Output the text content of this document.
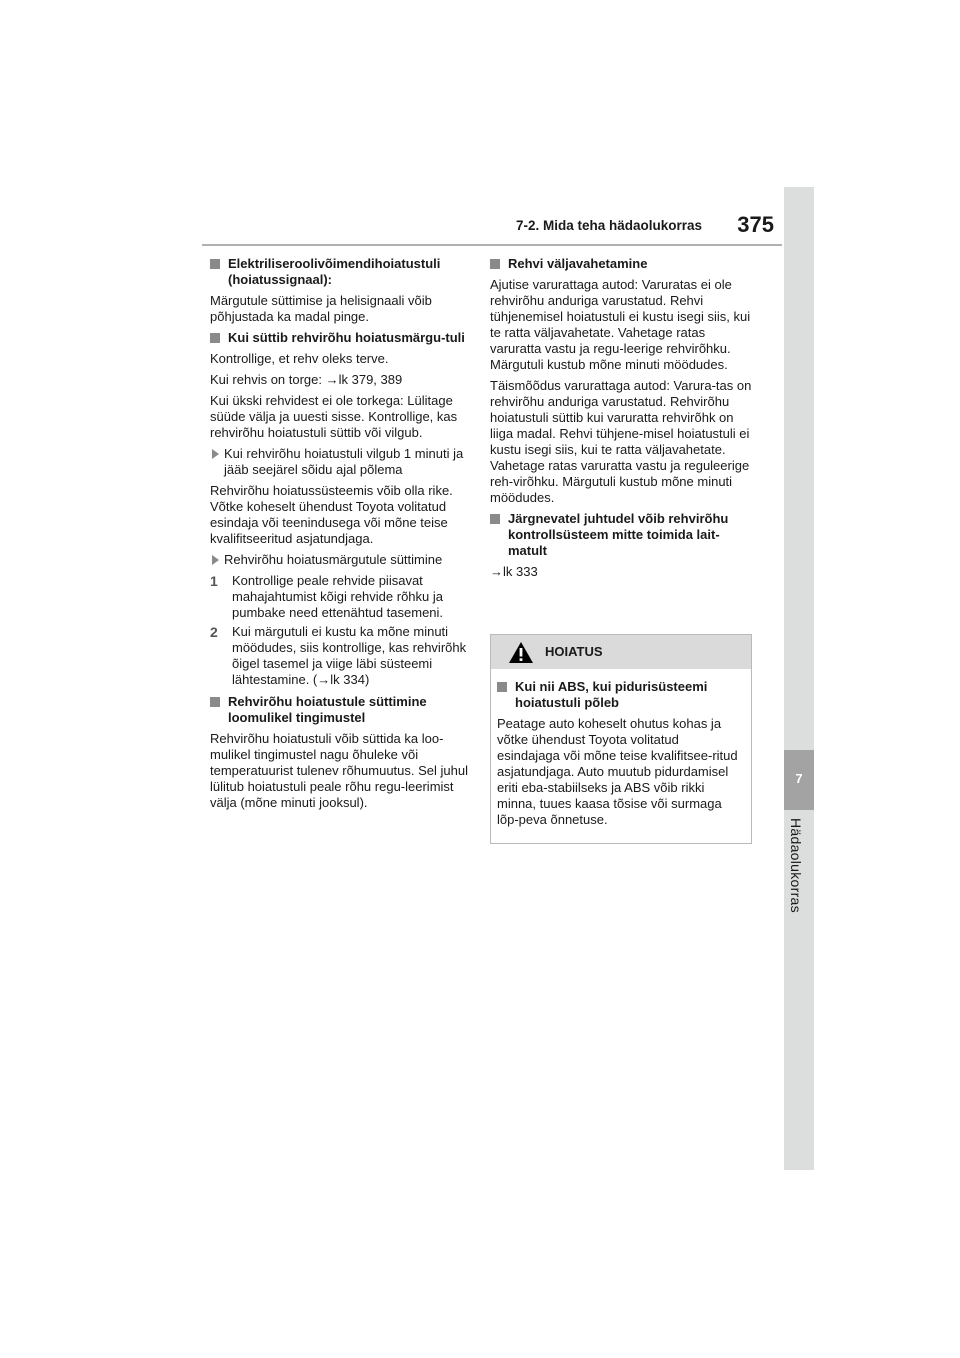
7
Hädaolukorras
7-2. Mida teha hädaolukorras	375
Elektriliseroolivõimendihoiatustuli (hoiatussignaal):
Märgutule süttimise ja helisignaali võib põhjustada ka madal pinge.
Kui süttib rehvirõhu hoiatusmärgu-tuli
Kontrollige, et rehv oleks terve.
Kui rehvis on torge: →lk 379, 389
Kui ükski rehvidest ei ole torkega: Lülitage süüde välja ja uuesti sisse. Kontrollige, kas rehvirõhu hoiatustuli süttib või vilgub.
Kui rehvirõhu hoiatustuli vilgub 1 minuti ja jääb seejärel sõidu ajal põlema
Rehvirõhu hoiatussüsteemis võib olla rike. Võtke koheselt ühendust Toyota volitatud esindaja või teenindusega või mõne teise kvalifitseeritud asjatundjaga.
Rehvirõhu hoiatusmärgutule süttimine
1 Kontrollige peale rehvide piisavat mahajahtumist kõigi rehvide rõhku ja pumbake need ettenähtud tasemeni.
2 Kui märgutuli ei kustu ka mõne minuti möödudes, siis kontrollige, kas rehvirõhk õigel tasemel ja viige läbi süsteemi lähtestamine. (→lk 334)
Rehvirõhu hoiatustule süttimine loomulikel tingimustel
Rehvirõhu hoiatustuli võib süttida ka loo-mulikel tingimustel nagu õhuleke või temperatuurist tulenev rõhumuutus. Sel juhul lülitub hoiatustuli peale rõhu regu-leerimist välja (mõne minuti jooksul).
Rehvi väljavahetamine
Ajutise varurattaga autod: Varuratas ei ole rehvirõhu anduriga varustatud. Rehvi tühjenemisel hoiatustuli ei kustu isegi siis, kui te ratta väljavahetate. Vahetage ratas varuratta vastu ja regu-leerige rehvirõhku. Märgutuli kustub mõne minuti möödudes.
Täismõõdus varurattaga autod: Varura-tas on rehvirõhu anduriga varustatud. Rehvirõhu hoiatustuli süttib kui varuratta rehvirõhk on liiga madal. Rehvi tühjene-misel hoiatustuli ei kustu isegi siis, kui te ratta väljavahetate. Vahetage ratas varuratta vastu ja reguleerige reh-virõhku. Märgutuli kustub mõne minuti möödudes.
Järgnevatel juhtudel võib rehvirõhu kontrollsüsteem mitte toimida lait-matult
→lk 333
HOIATUS
Kui nii ABS, kui pidurisüsteemi hoiatustuli põleb
Peatage auto koheselt ohutus kohas ja võtke ühendust Toyota volitatud esindajaga või mõne teise kvalifitsee-ritud asjatundjaga. Auto muutub pidurdamisel eriti eba-stabiilseks ja ABS võib rikki minna, tuues kaasa tõsise või surmaga lõp-peva õnnetuse.
